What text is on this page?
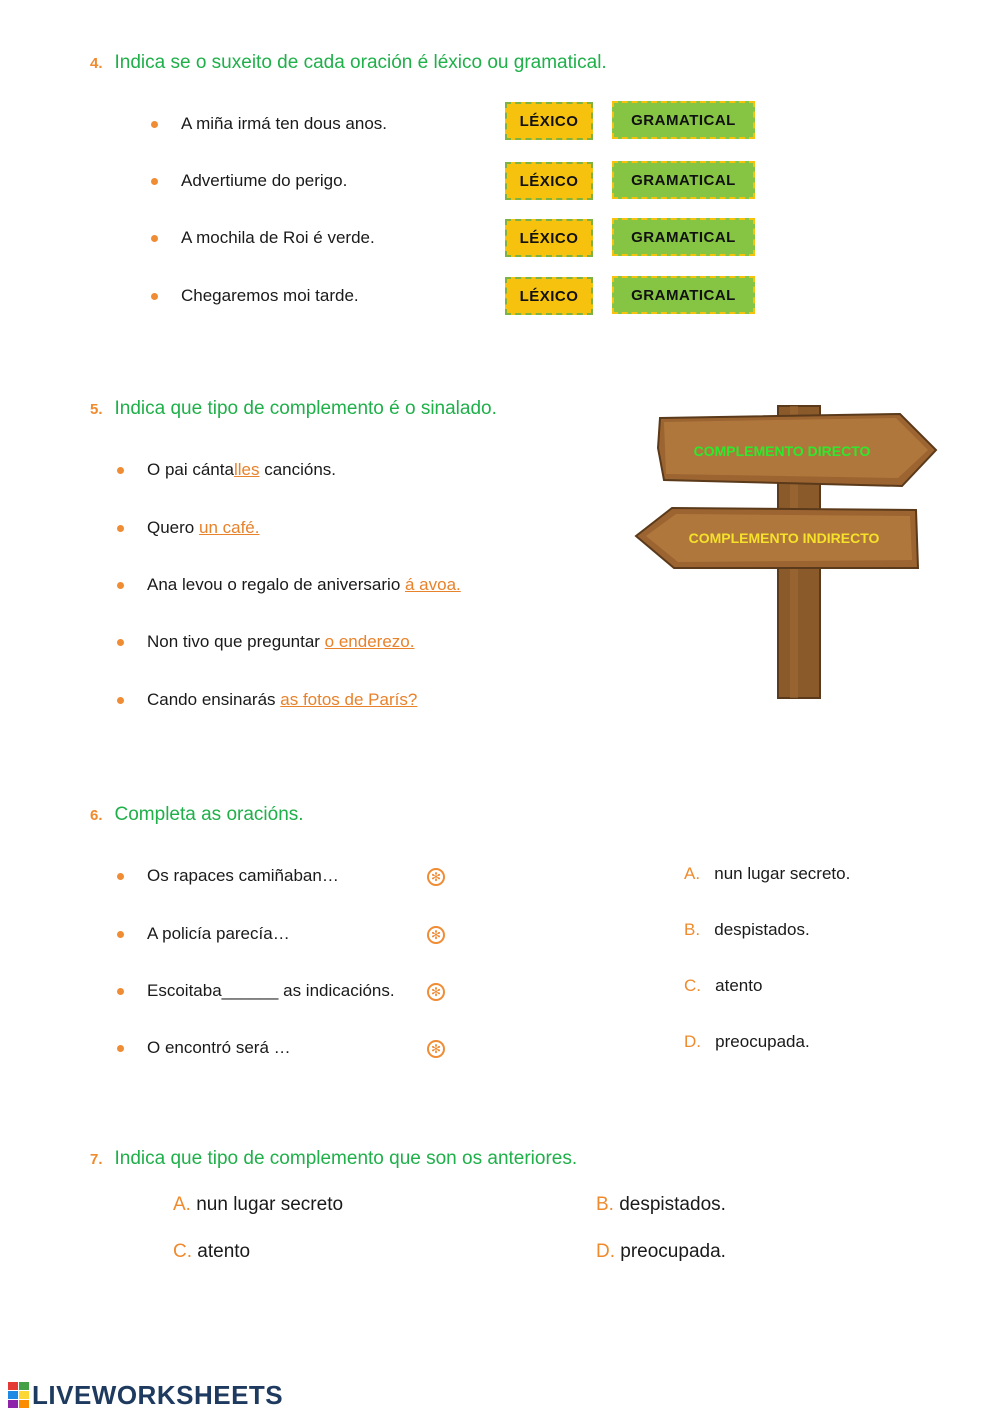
4. Indica se o suxeito de cada oración é léxico ou gramatical.
A miña irmá ten dous anos.	LÉXICO	GRAMATICAL
Advertiume do perigo.	LÉXICO	GRAMATICAL
A mochila de Roi é verde.	LÉXICO	GRAMATICAL
Chegaremos moi tarde.	LÉXICO	GRAMATICAL
5. Indica que tipo de complemento é o sinalado.
O pai cántalles cancións.
Quero un café.
Ana levou o regalo de aniversario á avoa.
Non tivo que preguntar o enderezo.
Cando ensinarás as fotos de París?
COMPLEMENTO DIRECTO
COMPLEMENTO INDIRECTO
6. Completa as oracións.
Os rapaces camiñaban…	✻
A policía parecía…	✻
Escoitaba______ as indicacións.	✻
O encontró será …	✻
A. nun lugar secreto.
B. despistados.
C. atento
D. preocupada.
7. Indica que tipo de complemento que son os anteriores.
A. nun lugar secreto	B. despistados.
C. atento	D. preocupada.
LIVEWORKSHEETS
